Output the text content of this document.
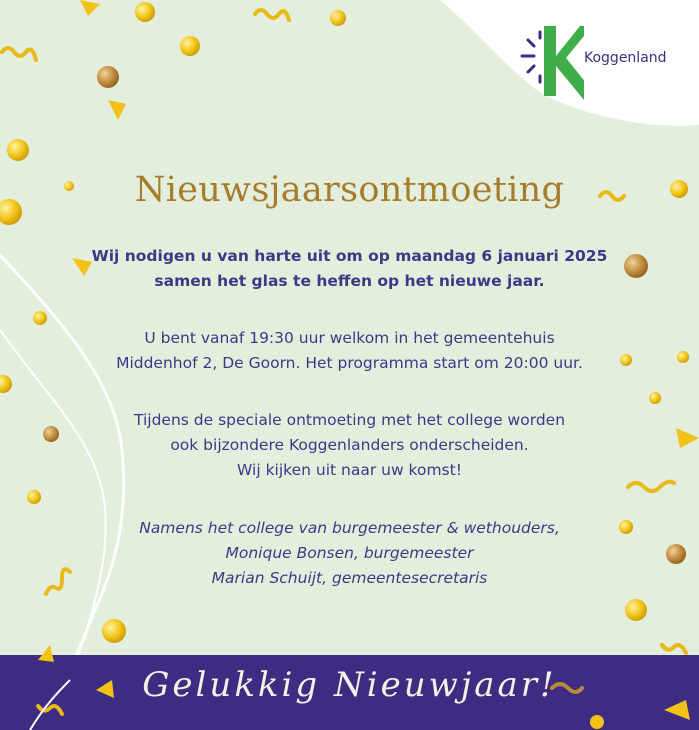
Koggenland
Nieuwsjaarsontmoeting

Wij nodigen u van harte uit om op maandag 6 januari 2025
samen het glas te heffen op het nieuwe jaar.

U bent vanaf 19:30 uur welkom in het gemeentehuis
Middenhof 2, De Goorn. Het programma start om 20:00 uur.

Tijdens de speciale ontmoeting met het college worden
ook bijzondere Koggenlanders onderscheiden.
Wij kijken uit naar uw komst!

Namens het college van burgemeester & wethouders,
Monique Bonsen, burgemeester
Marian Schuijt, gemeentesecretaris

Gelukkig Nieuwjaar!
